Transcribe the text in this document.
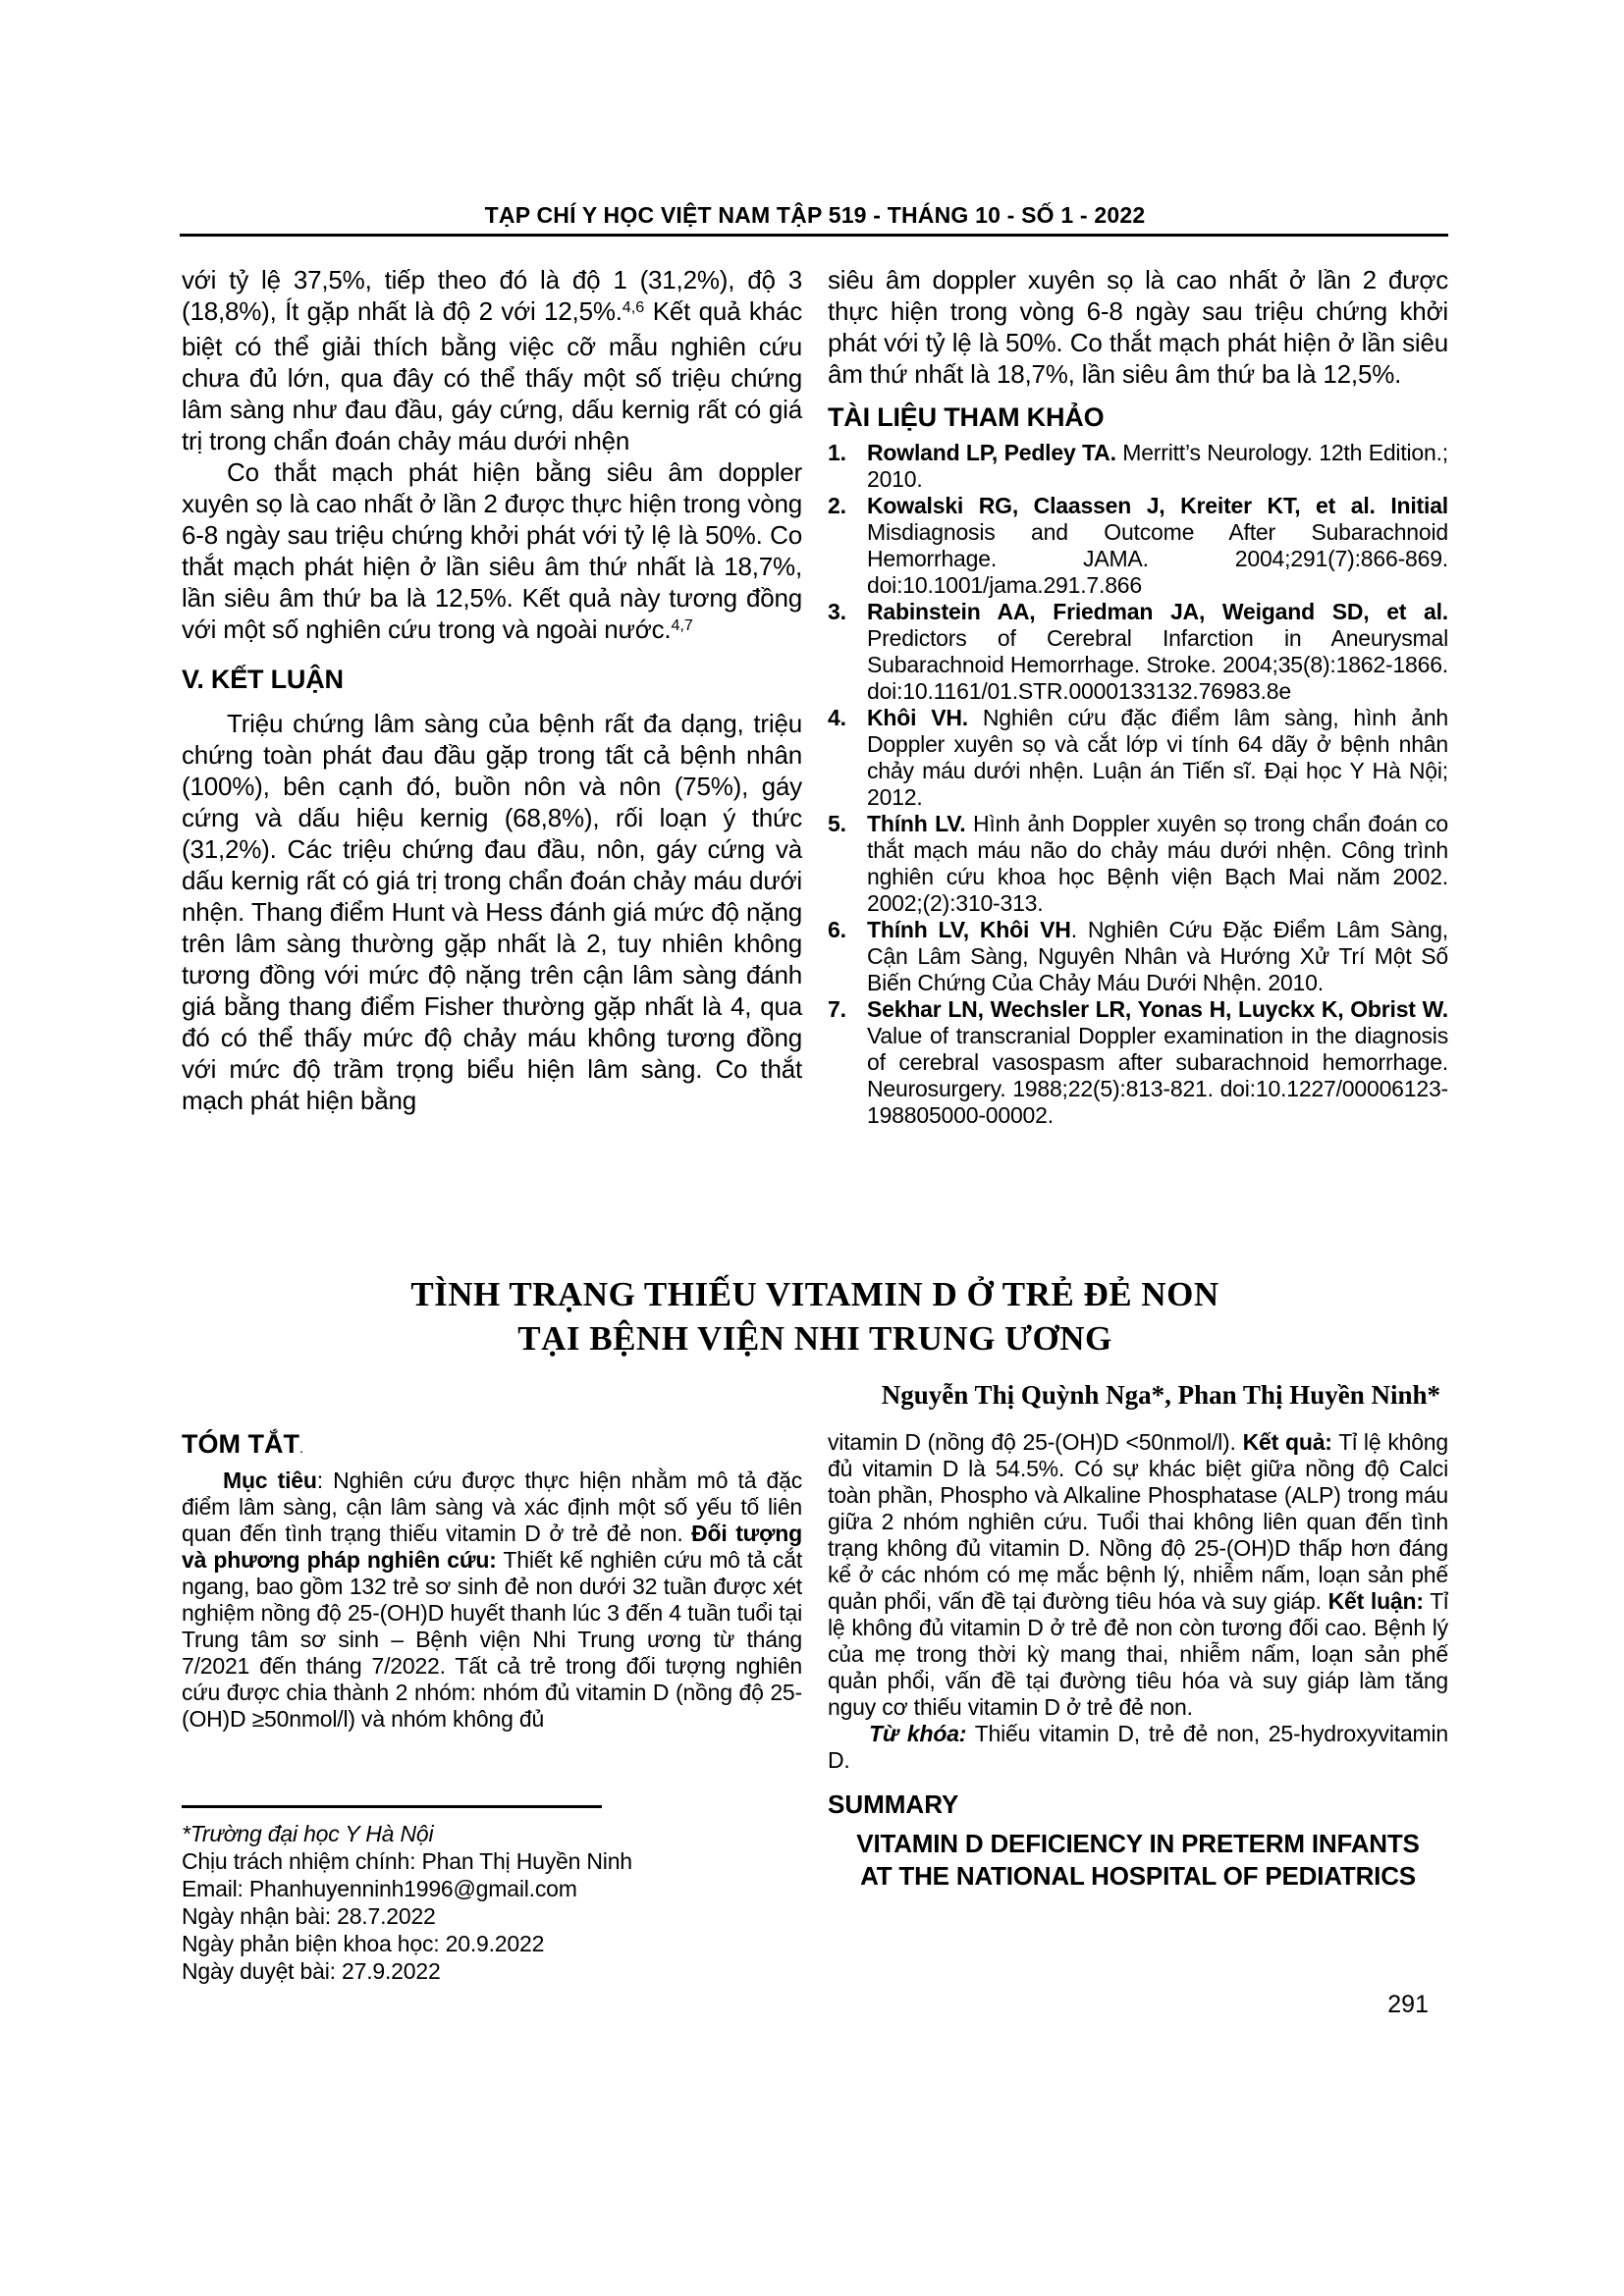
TẠP CHÍ Y HỌC VIỆT NAM TẬP 519 - THÁNG 10 - SỐ 1 - 2022

với tỷ lệ 37,5%, tiếp theo đó là độ 1 (31,2%), độ 3 (18,8%), Ít gặp nhất là độ 2 với 12,5%.$^{4,6}$ Kết quả khác biệt có thể giải thích bằng việc cỡ mẫu nghiên cứu chưa đủ lớn, qua đây có thể thấy một số triệu chứng lâm sàng như đau đầu, gáy cứng, dấu kernig rất có giá trị trong chẩn đoán chảy máu dưới nhện

Co thắt mạch phát hiện bằng siêu âm doppler xuyên sọ là cao nhất ở lần 2 được thực hiện trong vòng 6-8 ngày sau triệu chứng khởi phát với tỷ lệ là 50%. Co thắt mạch phát hiện ở lần siêu âm thứ nhất là 18,7%, lần siêu âm thứ ba là 12,5%. Kết quả này tương đồng với một số nghiên cứu trong và ngoài nước.$^{4,7}$

V. KẾT LUẬN

Triệu chứng lâm sàng của bệnh rất đa dạng, triệu chứng toàn phát đau đầu gặp trong tất cả bệnh nhân (100%), bên cạnh đó, buồn nôn và nôn (75%), gáy cứng và dấu hiệu kernig (68,8%), rối loạn ý thức (31,2%). Các triệu chứng đau đầu, nôn, gáy cứng và dấu kernig rất có giá trị trong chẩn đoán chảy máu dưới nhện. Thang điểm Hunt và Hess đánh giá mức độ nặng trên lâm sàng thường gặp nhất là 2, tuy nhiên không tương đồng với mức độ nặng trên cận lâm sàng đánh giá bằng thang điểm Fisher thường gặp nhất là 4, qua đó có thể thấy mức độ chảy máu không tương đồng với mức độ trầm trọng biểu hiện lâm sàng. Co thắt mạch phát hiện bằng

siêu âm doppler xuyên sọ là cao nhất ở lần 2 được thực hiện trong vòng 6-8 ngày sau triệu chứng khởi phát với tỷ lệ là 50%. Co thắt mạch phát hiện ở lần siêu âm thứ nhất là 18,7%, lần siêu âm thứ ba là 12,5%.

TÀI LIỆU THAM KHẢO
1. Rowland LP, Pedley TA. Merritt’s Neurology. 12th Edition.; 2010.
2. Kowalski RG, Claassen J, Kreiter KT, et al. Initial Misdiagnosis and Outcome After Subarachnoid Hemorrhage. JAMA. 2004;291(7):866-869. doi:10.1001/jama.291.7.866
3. Rabinstein AA, Friedman JA, Weigand SD, et al. Predictors of Cerebral Infarction in Aneurysmal Subarachnoid Hemorrhage. Stroke. 2004;35(8):1862-1866. doi:10.1161/01.STR.0000133132.76983.8e
4. Khôi VH. Nghiên cứu đặc điểm lâm sàng, hình ảnh Doppler xuyên sọ và cắt lớp vi tính 64 dãy ở bệnh nhân chảy máu dưới nhện. Luận án Tiến sĩ. Đại học Y Hà Nội; 2012.
5. Thính LV. Hình ảnh Doppler xuyên sọ trong chẩn đoán co thắt mạch máu não do chảy máu dưới nhện. Công trình nghiên cứu khoa học Bệnh viện Bạch Mai năm 2002. 2002;(2):310-313.
6. Thính LV, Khôi VH. Nghiên Cứu Đặc Điểm Lâm Sàng, Cận Lâm Sàng, Nguyên Nhân và Hướng Xử Trí Một Số Biến Chứng Của Chảy Máu Dưới Nhện. 2010.
7. Sekhar LN, Wechsler LR, Yonas H, Luyckx K, Obrist W. Value of transcranial Doppler examination in the diagnosis of cerebral vasospasm after subarachnoid hemorrhage. Neurosurgery. 1988;22(5):813-821. doi:10.1227/00006123-198805000-00002.
TÌNH TRẠNG THIẾU VITAMIN D Ở TRẺ ĐẺ NON
TẠI BỆNH VIỆN NHI TRUNG ƯƠNG
Nguyễn Thị Quỳnh Nga*, Phan Thị Huyền Ninh*
TÓM TẮT.

Mục tiêu: Nghiên cứu được thực hiện nhằm mô tả đặc điểm lâm sàng, cận lâm sàng và xác định một số yếu tố liên quan đến tình trạng thiếu vitamin D ở trẻ đẻ non. Đối tượng và phương pháp nghiên cứu: Thiết kế nghiên cứu mô tả cắt ngang, bao gồm 132 trẻ sơ sinh đẻ non dưới 32 tuần được xét nghiệm nồng độ 25-(OH)D huyết thanh lúc 3 đến 4 tuần tuổi tại Trung tâm sơ sinh – Bệnh viện Nhi Trung ương từ tháng 7/2021 đến tháng 7/2022. Tất cả trẻ trong đối tượng nghiên cứu được chia thành 2 nhóm: nhóm đủ vitamin D (nồng độ 25-(OH)D ≥50nmol/l) và nhóm không đủ

*Trường đại học Y Hà Nội
Chịu trách nhiệm chính: Phan Thị Huyền Ninh
Email: Phanhuyenninh1996@gmail.com
Ngày nhận bài: 28.7.2022
Ngày phản biện khoa học: 20.9.2022
Ngày duyệt bài: 27.9.2022

vitamin D (nồng độ 25-(OH)D <50nmol/l). Kết quả: Tỉ lệ không đủ vitamin D là 54.5%. Có sự khác biệt giữa nồng độ Calci toàn phần, Phospho và Alkaline Phosphatase (ALP) trong máu giữa 2 nhóm nghiên cứu. Tuổi thai không liên quan đến tình trạng không đủ vitamin D. Nồng độ 25-(OH)D thấp hơn đáng kể ở các nhóm có mẹ mắc bệnh lý, nhiễm nấm, loạn sản phế quản phổi, vấn đề tại đường tiêu hóa và suy giáp. Kết luận: Tỉ lệ không đủ vitamin D ở trẻ đẻ non còn tương đối cao. Bệnh lý của mẹ trong thời kỳ mang thai, nhiễm nấm, loạn sản phế quản phổi, vấn đề tại đường tiêu hóa và suy giáp làm tăng nguy cơ thiếu vitamin D ở trẻ đẻ non.

Từ khóa: Thiếu vitamin D, trẻ đẻ non, 25-hydroxyvitamin D.

SUMMARY
VITAMIN D DEFICIENCY IN PRETERM INFANTS
AT THE NATIONAL HOSPITAL OF PEDIATRICS
291
